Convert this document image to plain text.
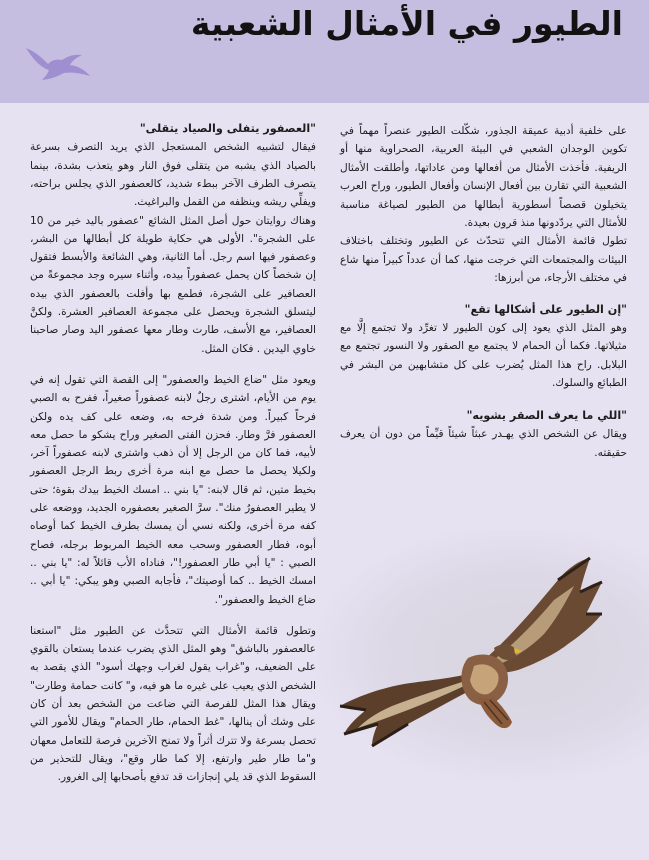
الطيور في الأمثال الشعبية

على خلفية أدبية عميقة الجذور، شكّلت الطيور عنصراً مهماً في تكوين الوجدان الشعبي في البيئة العربية، الصحراوية منها أو الريفية. فأخذت الأمثال من أفعالها ومن عاداتها، وأطلقت الأمثال الشعبية التي تقارن بين أفعال الإنسان وأفعال الطيور، وراح العرب يتخيلون قصصاً أسطورية أبطالها من الطيور لصياغة مناسبة للأمثال التي يردّدونها منذ قرون بعيدة.

تطول قائمة الأمثال التي تتحدّث عن الطيور وتختلف باختلاف البيئات والمجتمعات التي خرجت منها، كما أن عدداً كبيراً منها شاع في مختلف الأرجاء، من أبرزها:

"إن الطيور على أشكالها تقع"

وهو المثل الذي يعود إلى كون الطيور لا تغرِّد ولا تجتمع إلَّا مع مثيلاتها. فكما أن الحمام لا يجتمع مع الصقور ولا النسور تجتمع مع البلابل. راح هذا المثل يُضرب على كل متشابهين من البشر في الطبائع والسلوك.

"اللي ما يعرف الصقر يشويه"

ويقال عن الشخص الذي يهـدر عبثاً شيئاً قيِّماً من دون أن يعرف حقيقته.

"العصفور يتفلى والصياد يتقلى"

فيقال لتشبيه الشخص المستعجل الذي يريد التصرف بسرعة بالصياد الذي يشبه من يتقلى فوق النار وهو يتعذب بشدة، بينما يتصرف الطرف الآخر ببطء شديد، كالعصفور الذي يجلس براحته، ويفلِّي ريشه وينظفه من القمل والبراغيث.

وهناك روايتان حول أصل المثل الشائع "عصفور باليد خير من 10 على الشجرة". الأولى هي حكاية طويلة كل أبطالها من البشر، وعصفور فيها اسم رجل. أما الثانية، وهي الشائعة والأبسط فتقول إن شخصاً كان يحمل عصفوراً بيده، وأثناء سيره وجد مجموعةً من العصافير على الشجرة، فطمع بها وأفلت بالعصفور الذي بيده ليتسلق الشجرة ويحصل على مجموعة العصافير العشرة. ولكنَّ العصافير، مع الأسف، طارت وطار معها عصفور اليد وصار صاحبنا خاوي اليدين . فكان المثل.

ويعود مثل "ضاع الخيط والعصفور" إلى القصة التي تقول إنه في يوم من الأيام، اشترى رجلٌ لابنه عصفوراً صغيراً، ففرح به الصبي فرحاً كبيراً. ومن شدة فرحه به، وضعه على كف يده ولكن العصفور فرَّ وطار. فحزن الفتى الصغير وراح يشكو ما حصل معه لأبيه، فما كان من الرجل إلا أن ذهب واشترى لابنه عصفوراً آخر، ولكيلا يحصل ما حصل مع ابنه مرة أخرى ربط الرجل العصفور بخيط متين، ثم قال لابنه: "يا بني .. امسك الخيط بيدك بقوة؛ حتى لا يطير العصفورُ منك". سرَّ الصغير بعصفوره الجديد، ووضعه على كفه مرة أخرى، ولكنه نسي أن يمسك بطرف الخيط كما أوصاه أبوه، فطار العصفور وسحب معه الخيط المربوط برجله، فصاح الصبي : "يا أبي طار العصفور!"، فناداه الأب قائلاً له: "يا بني .. امسك الخيط .. كما أوصيتك"، فأجابه الصبي وهو يبكي: "يا أبي .. ضاع الخيط والعصفور".

وتطول قائمة الأمثال التي تتحدَّث عن الطيور مثل "استعنا عالعصفور بالباشق" وهو المثل الذي يضرب عندما يستعان بالقوي على الضعيف، و"غراب يقول لغراب وجهك أسود" الذي يقصد به الشخص الذي يعيب على غيره ما هو فيه، و" كانت حمامة وطارت" ويقال هذا المثل للفرصة التي ضاعت من الشخص بعد أن كان على وشك أن ينالها، "غط الحمام، طار الحمام" ويقال للأمور التي تحصل بسرعة ولا تترك أثراً ولا تمنح الآخرين فرصة للتعامل معهان و"ما طار طير وارتفع، إلا كما طار وقع"، ويقال للتحذير من السقوط الذي قد يلي إنجازات قد تدفع بأصحابها إلى الغرور.
